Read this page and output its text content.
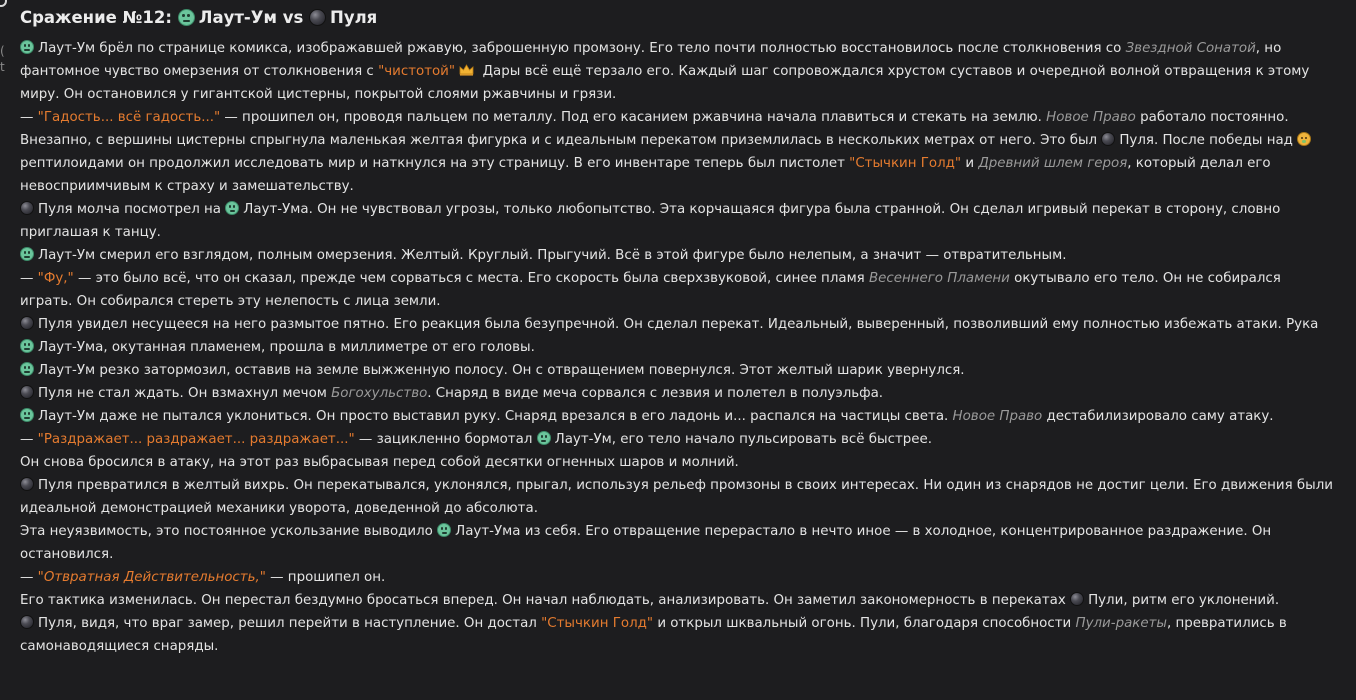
(
t
Сражение №12: Лаут-Ум vs Пуля

Лаут-Ум брёл по странице комикса, изображавшей ржавую, заброшенную промзону. Его тело почти полностью восстановилось после столкновения со Звездной Сонатой, но фантомное чувство омерзения от столкновения с "чистотой"
Дары всё ещё терзало его. Каждый шаг сопровождался хрустом суставов и очередной волной отвращения к этому миру. Он остановился у гигантской цистерны, покрытой слоями ржавчины и грязи.

— "Гадость... всё гадость..." — прошипел он, проводя пальцем по металлу. Под его касанием ржавчина начала плавиться и стекать на землю. Новое Право работало постоянно.

Внезапно, с вершины цистерны спрыгнула маленькая желтая фигурка и с идеальным перекатом приземлилась в нескольких метрах от него. Это был Пуля. После победы над
рептилоидами он продолжил исследовать мир и наткнулся на эту страницу. В его инвентаре теперь был пистолет "Стычкин Голд" и Древний шлем героя, который делал его невосприимчивым к страху и замешательству.

Пуля молча посмотрел на
Лаут-Ума. Он не чувствовал угрозы, только любопытство. Эта корчащаяся фигура была странной. Он сделал игривый перекат в сторону, словно приглашая к танцу.

Лаут-Ум смерил его взглядом, полным омерзения. Желтый. Круглый. Прыгучий. Всё в этой фигуре было нелепым, а значит — отвратительным.

— "Фу," — это было всё, что он сказал, прежде чем сорваться с места. Его скорость была сверхзвуковой, синее пламя Весеннего Пламени окутывало его тело. Он не собирался играть. Он собирался стереть эту нелепость с лица земли.

Пуля увидел несущееся на него размытое пятно. Его реакция была безупречной. Он сделал перекат. Идеальный, выверенный, позволивший ему полностью избежать атаки. Рука
Лаут-Ума, окутанная пламенем, прошла в миллиметре от его головы.

Лаут-Ум резко затормозил, оставив на земле выжженную полосу. Он с отвращением повернулся. Этот желтый шарик увернулся.

Пуля не стал ждать. Он взмахнул мечом Богохульство. Снаряд в виде меча сорвался с лезвия и полетел в полуэльфа.

Лаут-Ум даже не пытался уклониться. Он просто выставил руку. Снаряд врезался в его ладонь и... распался на частицы света. Новое Право дестабилизировало саму атаку.

— "Раздражает... раздражает... раздражает..." — зацикленно бормотал
Лаут-Ум, его тело начало пульсировать всё быстрее.

Он снова бросился в атаку, на этот раз выбрасывая перед собой десятки огненных шаров и молний.

Пуля превратился в желтый вихрь. Он перекатывался, уклонялся, прыгал, используя рельеф промзоны в своих интересах. Ни один из снарядов не достиг цели. Его движения были идеальной демонстрацией механики уворота, доведенной до абсолюта.

Эта неуязвимость, это постоянное ускользание выводило
Лаут-Ума из себя. Его отвращение перерастало в нечто иное — в холодное, концентрированное раздражение. Он остановился.

— "Отвратная Действительность," — прошипел он.

Его тактика изменилась. Он перестал бездумно бросаться вперед. Он начал наблюдать, анализировать. Он заметил закономерность в перекатах Пули, ритм его уклонений.

Пуля, видя, что враг замер, решил перейти в наступление. Он достал "Стычкин Голд" и открыл шквальный огонь. Пули, благодаря способности Пули-ракеты, превратились в самонаводящиеся снаряды.
